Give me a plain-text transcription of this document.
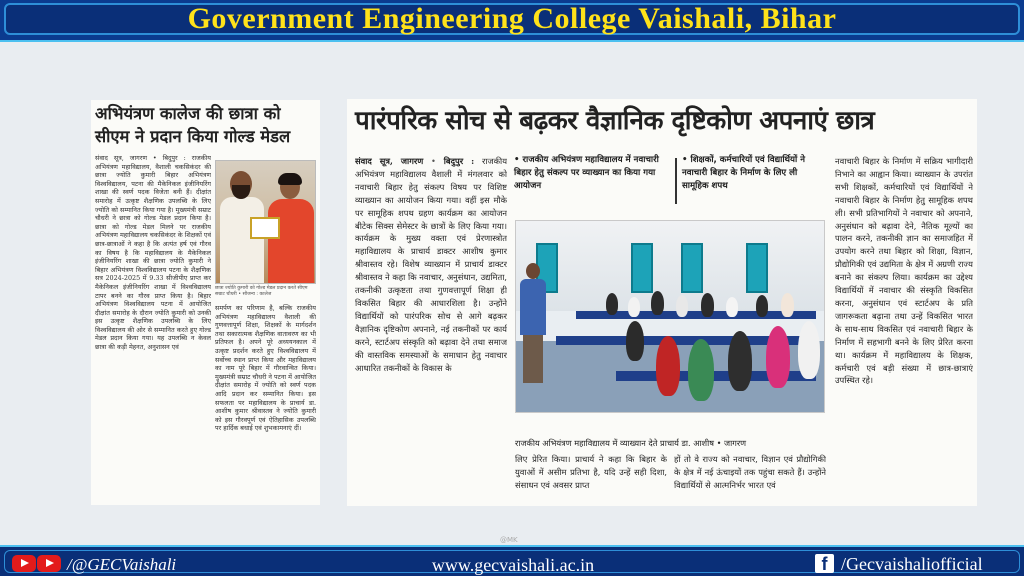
Government Engineering College Vaishali, Bihar
अभियंत्रण कालेज की छात्रा को सीएम ने प्रदान किया गोल्ड मेडल
संवाद सूत्र, जागरण • बिदुपुर : राजकीय अभियंत्रण महाविद्यालय, वैशाली चकसिकंदर की छात्रा ज्योति कुमारी बिहार अभियंत्रण विश्वविद्यालय, पटना की मैकेनिकल इंजीनियरिंग शाखा की स्वर्ण पदक विजेता बनी हैं। दीक्षांत समारोह में उत्कृष्ट शैक्षणिक उपलब्धि के लिए ज्योति को सम्मानित किया गया है। मुख्यमंत्री सम्राट चौधरी ने छात्रा को गोल्ड मेडल प्रदान किया है। छात्रा को गोल्ड मेडल मिलने पर राजकीय अभियंत्रण महाविद्यालय चकसिकंदर के शिक्षकों एवं छात्र-छात्राओं ने कहा है कि अत्यंत हर्ष एवं गौरव का विषय है कि महाविद्यालय के मैकेनिकल इंजीनियरिंग शाखा की छात्रा ज्योति कुमारी ने बिहार अभियंत्रण विश्वविद्यालय पटना के शैक्षणिक सत्र 2024-2025 में 9.33 सीजीपीए प्राप्त कर मैकेनिकल इंजीनियरिंग शाखा में विश्वविद्यालय टापर बनने का गौरव प्राप्त किया है। बिहार अभियंत्रण विश्वविद्यालय पटना में आयोजित दीक्षांत समारोह के दौरान ज्योति कुमारी को उनकी इस उत्कृष्ट शैक्षणिक उपलब्धि के लिए विश्वविद्यालय की ओर से सम्मानित करते हुए गोल्ड मेडल प्रदान किया गया। यह उपलब्धि न केवल छात्रा की कड़ी मेहनत, अनुशासन एवं
छात्रा ज्योति कुमारी को गोल्ड मेडल प्रदान करते सीएम सम्राट चौधरी • सौजन्य : कालेज
समर्पण का परिणाम है, बल्कि राजकीय अभियंत्रण महाविद्यालय वैशाली की गुणवत्तापूर्ण शिक्षा, शिक्षकों के मार्गदर्शन तथा सकारात्मक शैक्षणिक वातावरण का भी प्रतिफल है। अपने पूरे अध्ययनकाल में उत्कृष्ट प्रदर्शन करते हुए विश्वविद्यालय में सर्वोच्च स्थान प्राप्त किया और महाविद्यालय का नाम पूरे बिहार में गौरवान्वित किया। मुख्यमंत्री सम्राट चौधरी ने पटना में आयोजित दीक्षांत समारोह में ज्योति को स्वर्ण पदक आदि प्रदान कर सम्मानित किया। इस सफलता पर महाविद्यालय के प्राचार्य डा. आशीष कुमार श्रीवास्तव ने ज्योति कुमारी को इस गौरवपूर्ण एवं ऐतिहासिक उपलब्धि पर हार्दिक बधाई एवं शुभकामनाएं दीं।
पारंपरिक सोच से बढ़कर वैज्ञानिक दृष्टिकोण अपनाएं छात्र
संवाद सूत्र, जागरण • बिदुपुर : राजकीय अभियंत्रण महाविद्यालय वैशाली में मंगलवार को नवाचारी बिहार हेतु संकल्प विषय पर विशिष्ट व्याख्यान का आयोजन किया गया। वहीं इस मौके पर सामूहिक शपथ ग्रहण कार्यक्रम का आयोजन बीटेक सिक्स सेमेस्टर के छात्रों के लिए किया गया। कार्यक्रम के मुख्य वक्ता एवं प्रेरणास्त्रोत महाविद्यालय के प्राचार्य डाक्टर आशीष कुमार श्रीवास्तव रहे। विशेष व्याख्यान में प्राचार्य डाक्टर श्रीवास्तव ने कहा कि नवाचार, अनुसंधान, उद्यमिता, तकनीकी उत्कृष्टता तथा गुणवत्तापूर्ण शिक्षा ही विकसित बिहार की आधारशिला है। उन्होंने विद्यार्थियों को पारंपरिक सोच से आगे बढ़कर वैज्ञानिक दृष्टिकोण अपनाने, नई तकनीकों पर कार्य करने, स्टार्टअप संस्कृति को बढ़ावा देने तथा समाज की वास्तविक समस्याओं के समाधान हेतु नवाचार आधारित तकनीकों के विकास के
• राजकीय अभियंत्रण महाविद्यालय में नवाचारी बिहार हेतु संकल्प पर व्याख्यान का किया गया आयोजन
• शिक्षकों, कर्मचारियों एवं विद्यार्थियों ने नवाचारी बिहार के निर्माण के लिए ली सामूहिक शपथ
राजकीय अभियंत्रण महाविद्यालय में व्याख्यान देते प्राचार्य डा. आशीष • जागरण
लिए प्रेरित किया। प्राचार्य ने कहा कि बिहार के युवाओं में असीम प्रतिभा है, यदि उन्हें सही दिशा, संसाधन एवं अवसर प्राप्त
हों तो वे राज्य को नवाचार, विज्ञान एवं प्रौद्योगिकी के क्षेत्र में नई ऊंचाइयों तक पहुंचा सकते हैं। उन्होंने विद्यार्थियों से आत्मनिर्भर भारत एवं
नवाचारी बिहार के निर्माण में सक्रिय भागीदारी निभाने का आह्वान किया। व्याख्यान के उपरांत सभी शिक्षकों, कर्मचारियों एवं विद्यार्थियों ने नवाचारी बिहार के निर्माण हेतु सामूहिक शपथ ली। सभी प्रतिभागियों ने नवाचार को अपनाने, अनुसंधान को बढ़ावा देने, नैतिक मूल्यों का पालन करने, तकनीकी ज्ञान का समाजहित में उपयोग करने तथा बिहार को शिक्षा, विज्ञान, प्रौद्योगिकी एवं उद्यमिता के क्षेत्र में अग्रणी राज्य बनाने का संकल्प लिया। कार्यक्रम का उद्देश्य विद्यार्थियों में नवाचार की संस्कृति विकसित करना, अनुसंधान एवं स्टार्टअप के प्रति जागरूकता बढ़ाना तथा उन्हें विकसित भारत के साथ-साथ विकसित एवं नवाचारी बिहार के निर्माण में सहभागी बनने के लिए प्रेरित करना था। कार्यक्रम में महाविद्यालय के शिक्षक, कर्मचारी एवं बड़ी संख्या में छात्र-छात्राएं उपस्थित रहे।
@MK
/@GECVaishali	www.gecvaishali.ac.in	f /Gecvaishaliofficial
